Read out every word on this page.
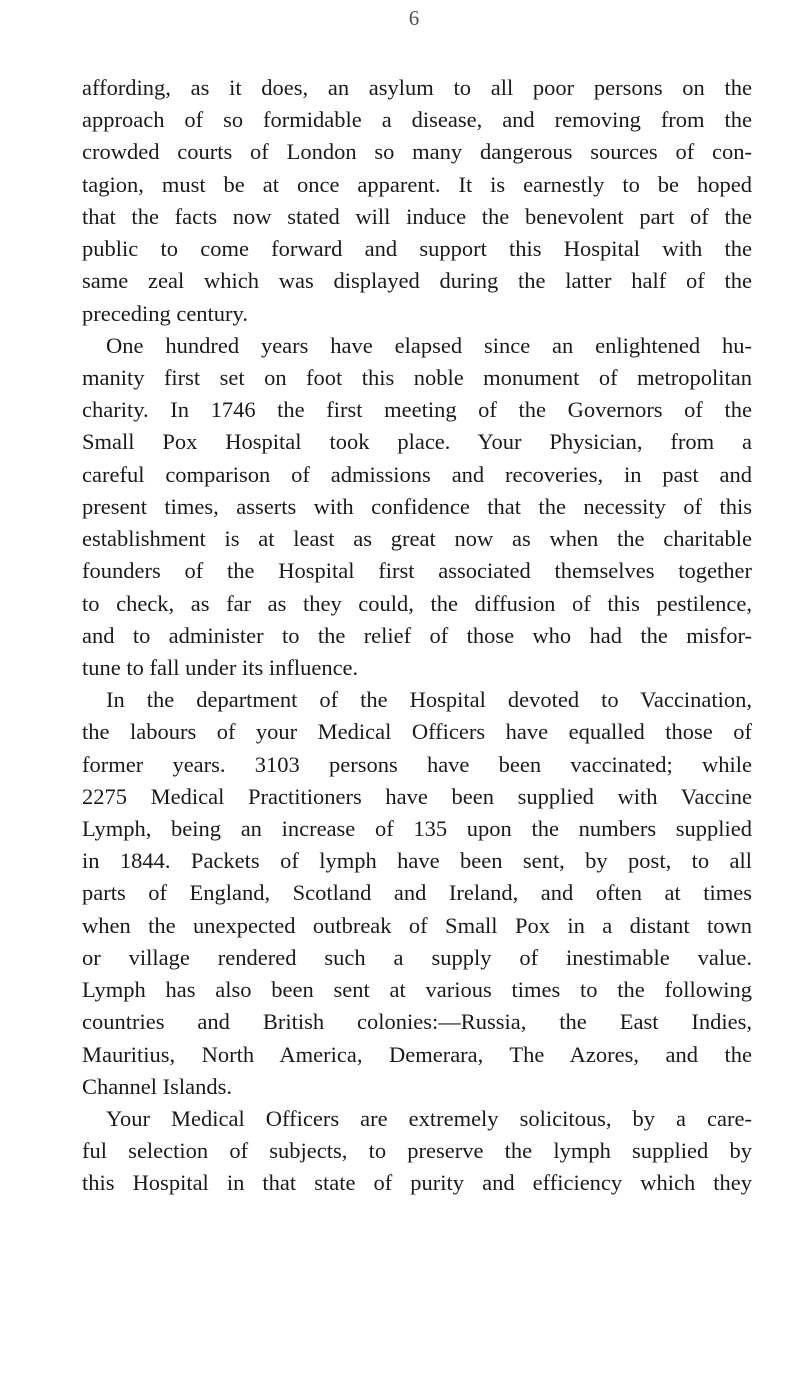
6
affording, as it does, an asylum to all poor persons on the
approach of so formidable a disease, and removing from the
crowded courts of London so many dangerous sources of con-
tagion, must be at once apparent. It is earnestly to be hoped
that the facts now stated will induce the benevolent part of the
public to come forward and support this Hospital with the
same zeal which was displayed during the latter half of the
preceding century.
One hundred years have elapsed since an enlightened hu-
manity first set on foot this noble monument of metropolitan
charity. In 1746 the first meeting of the Governors of the
Small Pox Hospital took place. Your Physician, from a
careful comparison of admissions and recoveries, in past and
present times, asserts with confidence that the necessity of this
establishment is at least as great now as when the charitable
founders of the Hospital first associated themselves together
to check, as far as they could, the diffusion of this pestilence,
and to administer to the relief of those who had the misfor-
tune to fall under its influence.
In the department of the Hospital devoted to Vaccination,
the labours of your Medical Officers have equalled those of
former years. 3103 persons have been vaccinated; while
2275 Medical Practitioners have been supplied with Vaccine
Lymph, being an increase of 135 upon the numbers supplied
in 1844. Packets of lymph have been sent, by post, to all
parts of England, Scotland and Ireland, and often at times
when the unexpected outbreak of Small Pox in a distant town
or village rendered such a supply of inestimable value.
Lymph has also been sent at various times to the following
countries and British colonies:—Russia, the East Indies,
Mauritius, North America, Demerara, The Azores, and the
Channel Islands.
Your Medical Officers are extremely solicitous, by a care-
ful selection of subjects, to preserve the lymph supplied by
this Hospital in that state of purity and efficiency which they
